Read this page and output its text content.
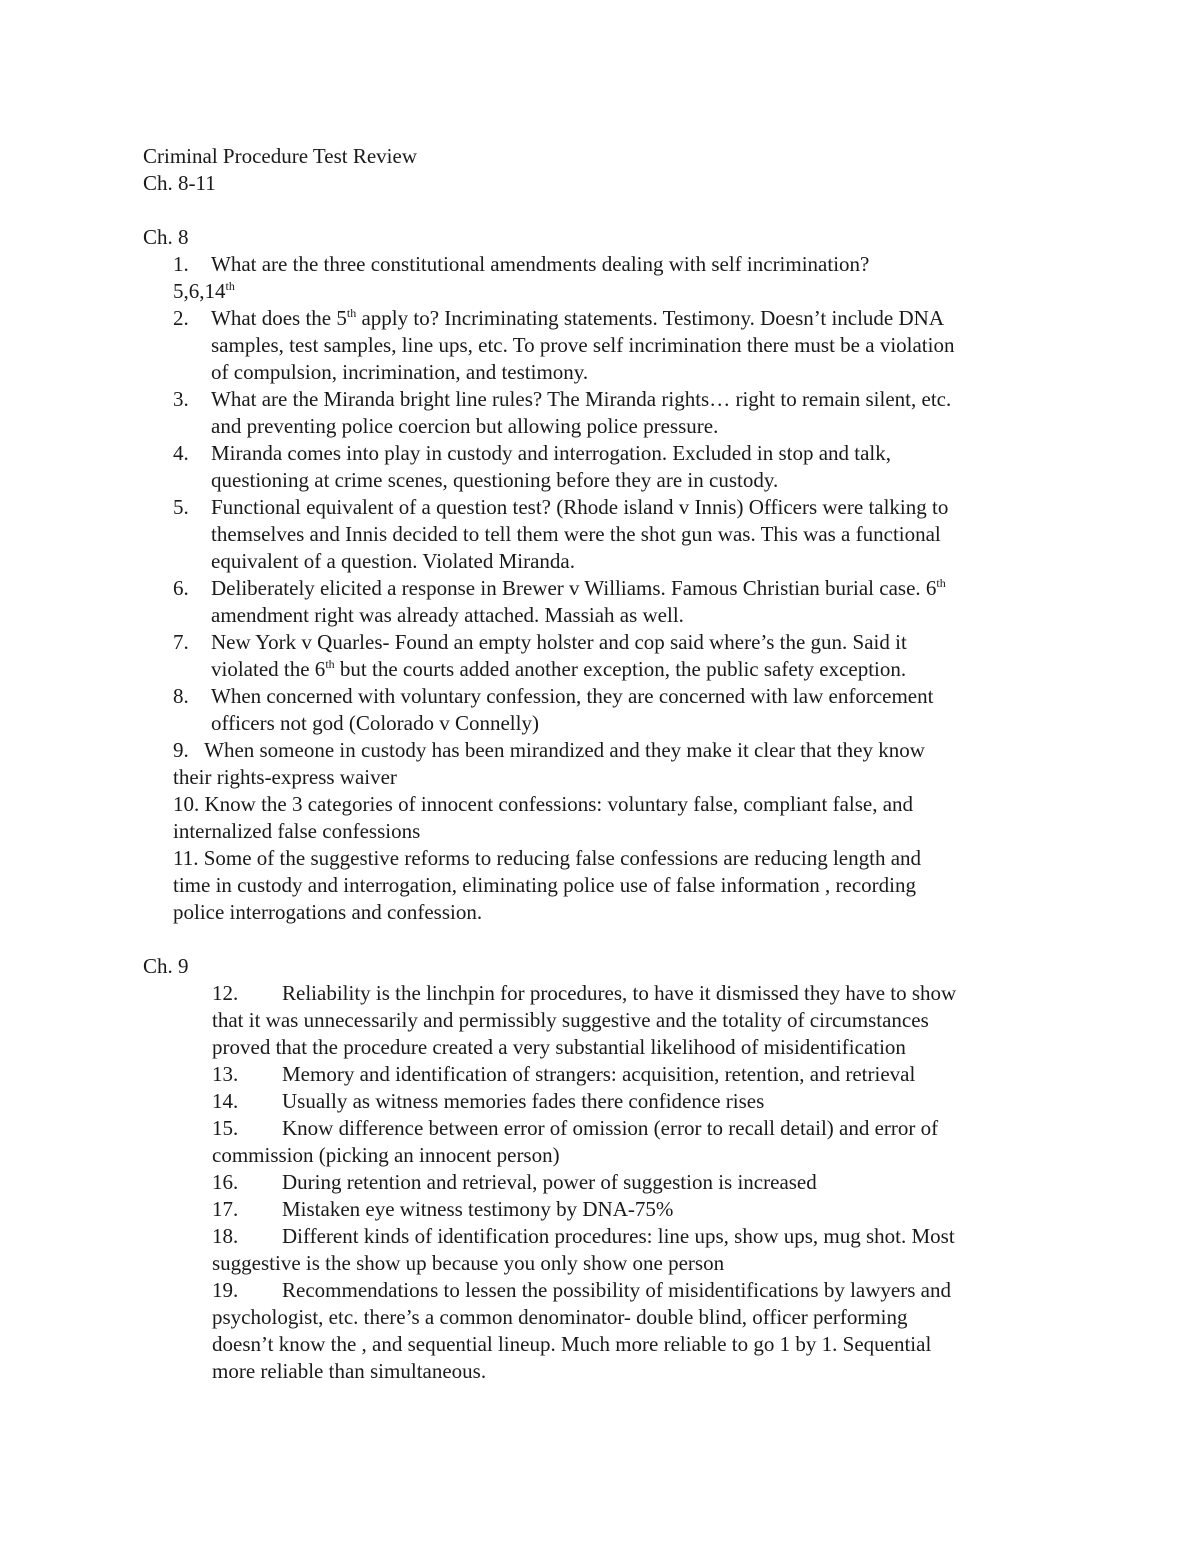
Criminal Procedure Test Review
Ch. 8-11
Ch. 8
1. What are the three constitutional amendments dealing with self incrimination?
5,6,14th
2. What does the 5th apply to? Incriminating statements. Testimony. Doesn’t include DNA
samples, test samples, line ups, etc. To prove self incrimination there must be a violation
of compulsion, incrimination, and testimony.
3. What are the Miranda bright line rules? The Miranda rights… right to remain silent, etc.
and preventing police coercion but allowing police pressure.
4. Miranda comes into play in custody and interrogation. Excluded in stop and talk,
questioning at crime scenes, questioning before they are in custody.
5. Functional equivalent of a question test? (Rhode island v Innis) Officers were talking to
themselves and Innis decided to tell them were the shot gun was. This was a functional
equivalent of a question. Violated Miranda.
6. Deliberately elicited a response in Brewer v Williams. Famous Christian burial case. 6th
amendment right was already attached. Massiah as well.
7. New York v Quarles- Found an empty holster and cop said where’s the gun. Said it
violated the 6th but the courts added another exception, the public safety exception.
8. When concerned with voluntary confession, they are concerned with law enforcement
officers not god (Colorado v Connelly)
9.   When someone in custody has been mirandized and they make it clear that they know
their rights-express waiver
10. Know the 3 categories of innocent confessions: voluntary false, compliant false, and
internalized false confessions
11. Some of the suggestive reforms to reducing false confessions are reducing length and
time in custody and interrogation, eliminating police use of false information , recording
police interrogations and confession.
Ch. 9
12. Reliability is the linchpin for procedures, to have it dismissed they have to show
that it was unnecessarily and permissibly suggestive and the totality of circumstances
proved that the procedure created a very substantial likelihood of misidentification
13. Memory and identification of strangers: acquisition, retention, and retrieval
14. Usually as witness memories fades there confidence rises
15. Know difference between error of omission (error to recall detail) and error of
commission (picking an innocent person)
16. During retention and retrieval, power of suggestion is increased
17. Mistaken eye witness testimony by DNA-75%
18. Different kinds of identification procedures: line ups, show ups, mug shot. Most
suggestive is the show up because you only show one person
19. Recommendations to lessen the possibility of misidentifications by lawyers and
psychologist, etc. there’s a common denominator- double blind, officer performing
doesn’t know the , and sequential lineup. Much more reliable to go 1 by 1. Sequential
more reliable than simultaneous.
